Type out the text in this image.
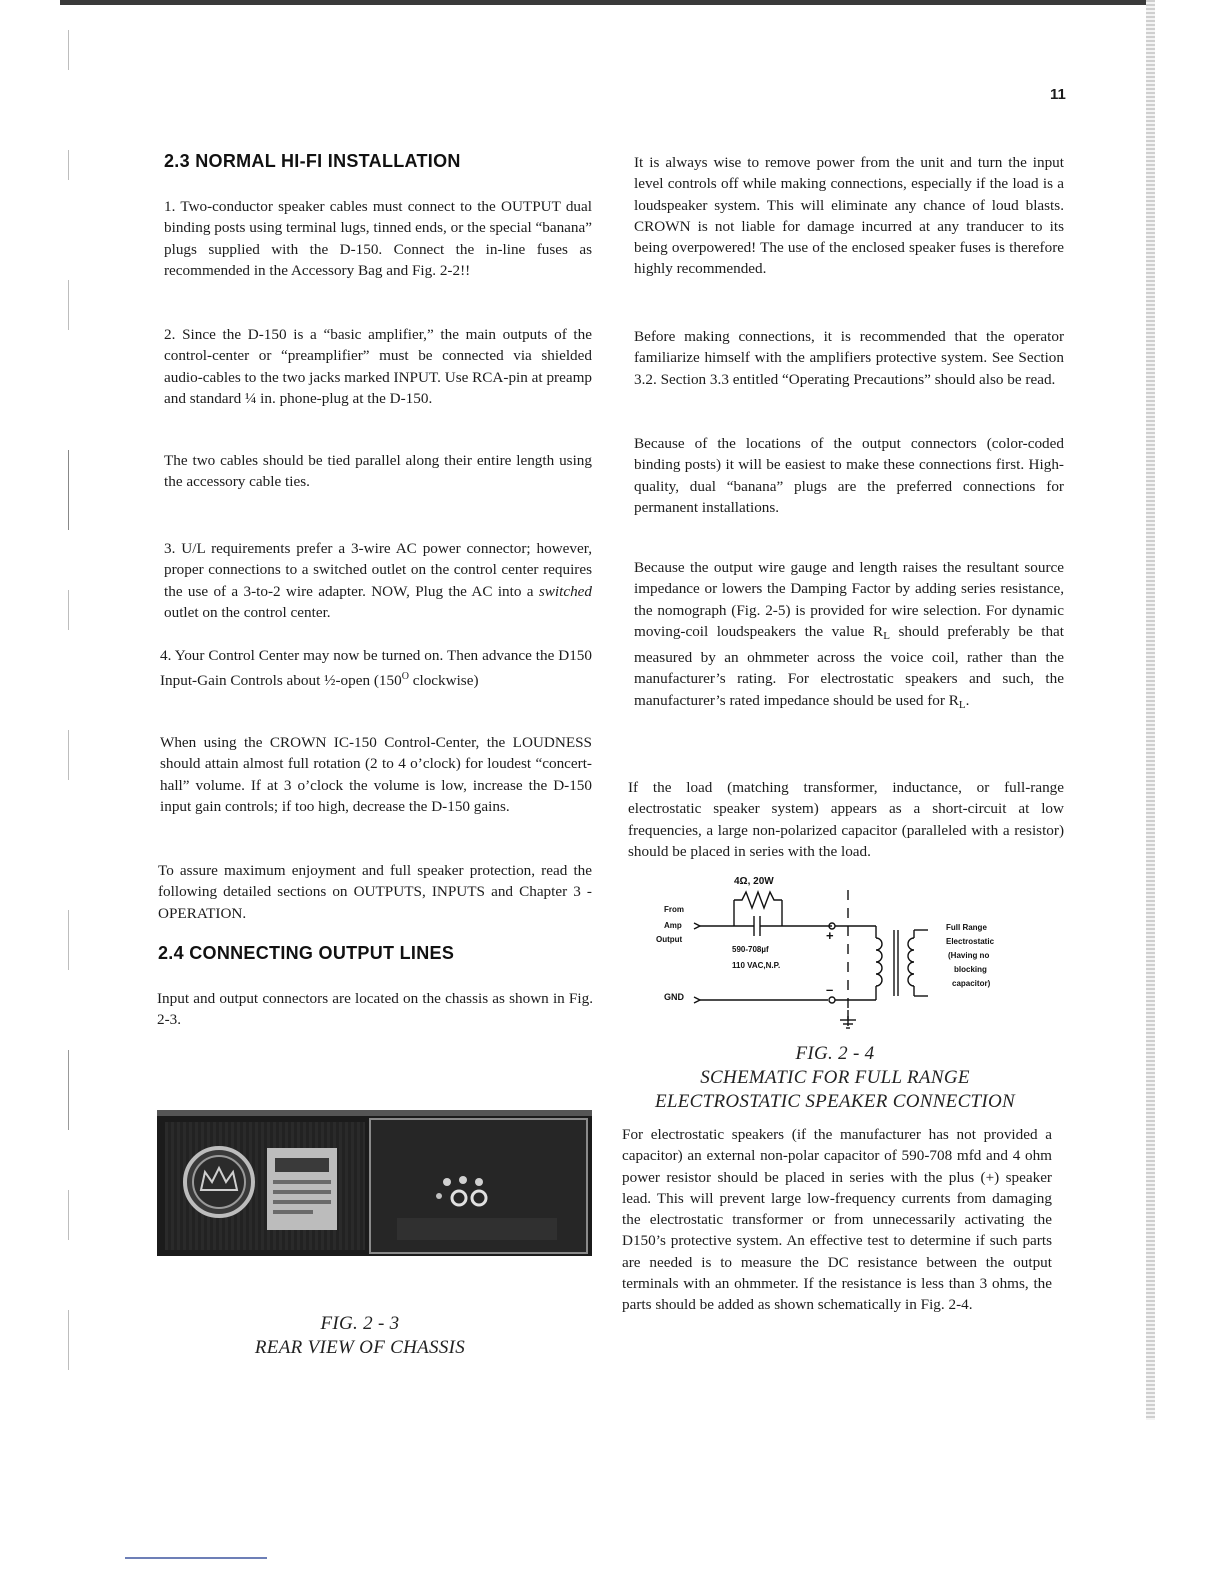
11
2.3 NORMAL HI-FI INSTALLATION

1. Two-conductor speaker cables must connect to the OUTPUT dual binding posts using terminal lugs, tinned ends, or the special “banana” plugs supplied with the D-150. Connect the in-line fuses as recommended in the Accessory Bag and Fig. 2-2!!

2. Since the D-150 is a “basic amplifier,” the main outputs of the control-center or “preamplifier” must be connected via shielded audio-cables to the two jacks marked INPUT. Use RCA-pin at preamp and standard ¼ in. phone-plug at the D-150.

The two cables should be tied parallel along their entire length using the accessory cable ties.

3. U/L requirements prefer a 3-wire AC power connector; however, proper connections to a switched outlet on the control center requires the use of a 3-to-2 wire adapter. NOW, Plug the AC into a switched outlet on the control center.

4. Your Control Center may now be turned on. Then advance the D150 Input-Gain Controls about ½-open ($150^O$ clockwise)

When using the CROWN IC-150 Control-Center, the LOUDNESS should attain almost full rotation (2 to 4 o’clock) for loudest “concert-hall” volume. If at 3 o’clock the volume is low, increase the D-150 input gain controls; if too high, decrease the D-150 gains.

To assure maximum enjoyment and full speaker protection, read the following detailed sections on OUTPUTS, INPUTS and Chapter 3 - OPERATION.

2.4 CONNECTING OUTPUT LINES

Input and output connectors are located on the chassis as shown in Fig. 2-3.

FIG. 2 - 3
REAR VIEW OF CHASSIS

It is always wise to remove power from the unit and turn the input level controls off while making connections, especially if the load is a loudspeaker system. This will eliminate any chance of loud blasts. CROWN is not liable for damage incurred at any tranducer to its being overpowered! The use of the enclosed speaker fuses is therefore highly recommended.

Before making connections, it is recommended that the operator familiarize himself with the amplifiers protective system. See Section 3.2. Section 3.3 entitled “Operating Precautions” should also be read.

Because of the locations of the output connectors (color-coded binding posts) it will be easiest to make these connections first. High-quality, dual “banana” plugs are the preferred connections for permanent installations.

Because the output wire gauge and length raises the resultant source impedance or lowers the Damping Factor by adding series resistance, the nomograph (Fig. 2-5) is provided for wire selection. For dynamic moving-coil loudspeakers the value $R_L$ should preferably be that measured by an ohmmeter across the voice coil, rather than the manufacturer’s rating. For electrostatic speakers and such, the manufacturer’s rated impedance should be used for $R_L$.

If the load (matching transformer, inductance, or full-range electrostatic speaker system) appears as a short-circuit at low frequencies, a large non-polarized capacitor (paralleled with a resistor) should be placed in series with the load.

4Ω, 20W
From
Amp
Output
590-708µf
110 VAC,N.P.
GND
+
–
Full Range
Electrostatic
(Having no
blocking
capacitor)
FIG. 2 - 4
SCHEMATIC FOR FULL RANGE
ELECTROSTATIC SPEAKER CONNECTION

For electrostatic speakers (if the manufacturer has not provided a capacitor) an external non-polar capacitor of 590-708 mfd and 4 ohm power resistor should be placed in series with the plus (+) speaker lead. This will prevent large low-frequency currents from damaging the electrostatic transformer or from unnecessarily activating the D150’s protective system. An effective test to determine if such parts are needed is to measure the DC resistance between the output terminals with an ohmmeter. If the resistance is less than 3 ohms, the parts should be added as shown schematically in Fig. 2-4.
